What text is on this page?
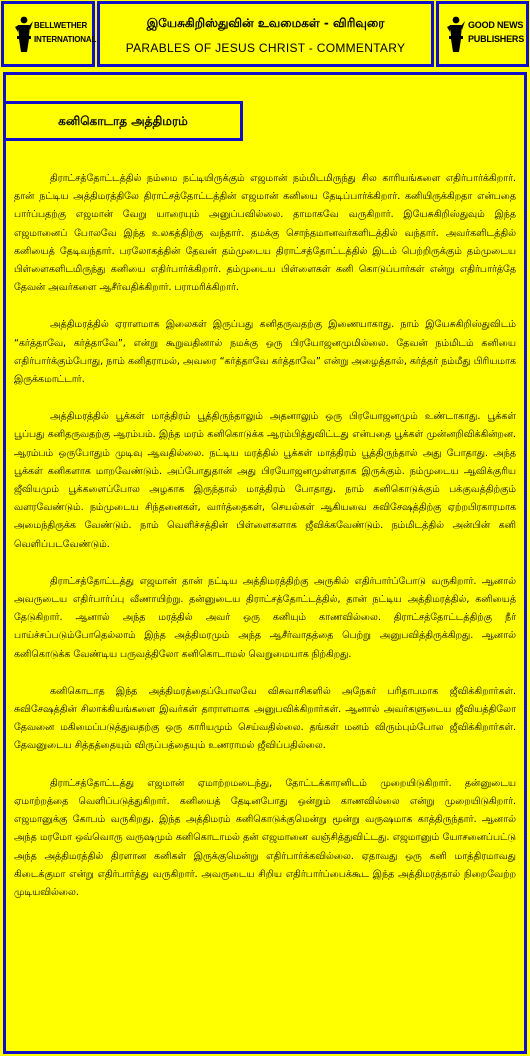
BELLWETHER
INTERNATIONAL
இயேசுகிறிஸ்துவின் உவமைகள் - விரிவுரை
PARABLES OF JESUS CHRIST - COMMENTARY
GOOD NEWS
PUBLISHERS
கனிகொடாத அத்திமரம்

திராட்சத்தோட்டத்தில் நம்மை நட்டியிருக்கும் எஜமான் நம்மிடமிருந்து சில காரியங்களை எதிர்பார்க்கிறார். தான் நட்டிய அத்திமரத்திலே திராட்சத்தோட்டத்தின் எஜமான் கனியை தேடிப்பார்க்கிறார். கனியிருக்கிறதா என்பதை பார்ப்பதற்கு எஜமான் வேறு யாரையும் அனுப்பவில்லை. தாமாகவே வருகிறார். இயேசுகிறிஸ்துவும் இந்த எஜமானைப் போலவே இந்த உலகத்திற்கு வந்தார். தமக்கு சொந்தமானவர்களிடத்தில் வந்தார். அவர்களிடத்தில் கனியைத் தேடிவந்தார். பரலோகத்தின் தேவன் தம்முடைய திராட்சத்தோட்டத்தில் இடம் பெற்றிருக்கும் தம்முடைய பிள்ளைகளிடமிருந்து கனியை எதிர்பார்க்கிறார். தம்முடைய பிள்ளைகள் கனி கொடுப்பார்கள் என்று எதிர்பார்த்தே தேவன் அவர்களை ஆசீர்வதிக்கிறார். பராமரிக்கிறார்.

அத்திமரத்தில் ஏராளமாக இலைகள் இருப்பது கனிதருவதற்கு இணையாகாது. நாம் இயேசுகிறிஸ்துவிடம் “கர்த்தாவே, கர்த்தாவே”, என்று கூறுவதினால் நமக்கு ஒரு பிரயோஜனமுமில்லை. தேவன் நம்மிடம் கனியை எதிர்பார்க்கும்போது, நாம் கனிதராமல், அவரை “கர்த்தாவே கர்த்தாவே” என்று அழைத்தால், கர்த்தர் நம்மீது பிரியமாக இருக்கமாட்டார்.

அத்திமரத்தில் பூக்கள் மாத்திரம் பூத்திருந்தாலும் அதனாலும் ஒரு பிரயோஜனமும் உண்டாகாது. பூக்கள் பூப்பது கனிதருவதற்கு ஆரம்பம். இந்த மரம் கனிகொடுக்க ஆரம்பித்துவிட்டது என்பதை பூக்கள் முன்னறிவிக்கின்றன. ஆரம்பம் ஒருபோதும் முடிவு ஆவதில்லை. நட்டிய மரத்தில் பூக்கள் மாத்திரம் பூத்திருந்தால் அது போதாது. அந்த பூக்கள் கனிகளாக மாறவேண்டும். அப்போதுதான் அது பிரயோஜனமுள்ளதாக இருக்கும். நம்முடைய ஆவிக்குரிய ஜீவியமும் பூக்களைப்போல அழகாக இருந்தால் மாத்திரம் போதாது. நாம் கனிகொடுக்கும் பக்குவத்திற்கும் வளரவேண்டும். நம்முடைய சிந்தனைகள், வார்த்தைகள், செயல்கள் ஆகியவை சுவிசேஷத்திற்கு ஏற்றபிரகாரமாக அமைந்திருக்க வேண்டும். நாம் வெளிச்சத்தின் பிள்ளைகளாக ஜீவிக்கவேண்டும். நம்மிடத்தில் அன்பின் கனி வெளிப்படவேண்டும்.

திராட்சத்தோட்டத்து எஜமான் தான் நட்டிய அத்திமரத்திற்கு அருகில் எதிர்பார்ப்போடு வருகிறார். ஆனால் அவருடைய எதிர்பார்ப்பு வீணாயிற்று. தன்னுடைய திராட்சத்தோட்டத்தில், தான் நட்டிய அத்திமரத்தில், கனியைத் தேடுகிறார். ஆனால் அந்த மரத்தில் அவர் ஒரு கனியும் காணவில்லை. திராட்சத்தோட்டத்திற்கு நீர் பாய்ச்சப்படும்போதெல்லாம் இந்த அத்திமரமும் அந்த ஆசீர்வாதத்தை பெற்று அனுபவித்திருக்கிறது. ஆனால் கனிகொடுக்க வேண்டிய பருவத்திலோ கனிகொடாமல் வெறுமையாக நிற்கிறது.

கனிகொடாத இந்த அத்திமரத்தைப்போலவே விசுவாசிகளில் அநேகர் பரிதாபமாக ஜீவிக்கிறார்கள். சுவிசேஷத்தின் சிலாக்கியங்களை இவர்கள் தாராளமாக அனுபவிக்கிறார்கள். ஆனால் அவர்களுடைய ஜீவியத்திலோ தேவனை மகிமைப்படுத்துவதற்கு ஒரு காரியமும் செய்வதில்லை. தங்கள் மனம் விரும்பும்போல ஜீவிக்கிறார்கள். தேவனுடைய சித்தத்தையும் விருப்பத்தையும் உணராமல் ஜீவிப்பதில்லை.

திராட்சத்தோட்டத்து எஜமான் ஏமாற்றமடைந்து, தோட்டக்காரனிடம் முறையிடுகிறார். தன்னுடைய ஏமாற்றத்தை வெளிப்படுத்துகிறார். கனியைத் தேடினபோது ஒன்றும் காணவில்லை என்று முறையிடுகிறார். எஜமானுக்கு கோபம் வருகிறது. இந்த அத்திமரம் கனிகொடுக்குமென்று மூன்று வருஷமாக காத்திருந்தார். ஆனால் அந்த மரமோ ஒவ்வொரு வருஷமும் கனிகொடாமல் தன் எஜமானை வஞ்சித்துவிட்டது. எஜமானும் யோசனைப்பட்டு அந்த அத்திமரத்தில் திரளான கனிகள் இருக்குமென்று எதிர்பார்க்கவில்லை. ஏதாவது ஒரு கனி மாத்திரமாவது கிடைக்குமா என்று எதிர்பார்த்து வருகிறார். அவருடைய சிறிய எதிர்பார்ப்பைக்கூட இந்த அத்திமரத்தால் நிறைவேற்ற முடியவில்லை.
